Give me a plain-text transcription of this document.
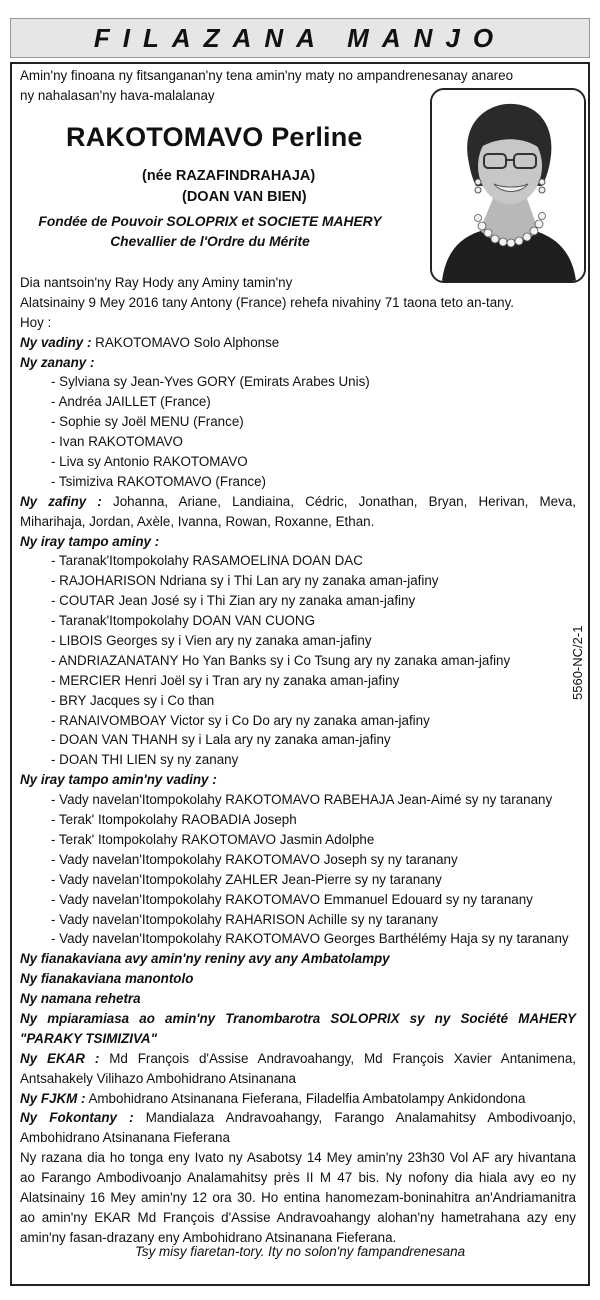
FILAZANA MANJO
Amin'ny finoana ny fitsanganan'ny tena amin'ny maty no ampandrenesanay anareo
ny nahalasan'ny hava-malalanay
RAKOTOMAVO Perline
(née RAZAFINDRAHAJA)
(DOAN VAN BIEN)
Fondée de Pouvoir SOLOPRIX et SOCIETE MAHERY
Chevallier de l'Ordre du Mérite
Dia nantsoin'ny Ray Hody any Aminy tamin'ny
Alatsinainy 9 Mey 2016 tany Antony (France) rehefa nivahiny 71 taona teto an-tany.
Hoy :
Ny vadiny : RAKOTOMAVO Solo Alphonse
Ny zanany :
- Sylviana sy Jean-Yves GORY (Emirats Arabes Unis)
- Andréa JAILLET (France)
- Sophie sy Joël MENU (France)
- Ivan RAKOTOMAVO
- Liva sy Antonio RAKOTOMAVO
- Tsimiziva RAKOTOMAVO (France)
Ny zafiny : Johanna, Ariane, Landiaina, Cédric, Jonathan, Bryan, Herivan, Meva,
Miharihaja, Jordan, Axèle, Ivanna, Rowan, Roxanne, Ethan.
Ny iray tampo aminy :
- Taranak'Itompokolahy RASAMOELINA DOAN DAC
- RAJOHARISON Ndriana sy i Thi Lan ary ny zanaka aman-jafiny
- COUTAR Jean José sy i Thi Zian ary ny zanaka aman-jafiny
- Taranak'Itompokolahy DOAN VAN CUONG
- LIBOIS Georges sy i Vien ary ny zanaka aman-jafiny
- ANDRIAZANATANY Ho Yan Banks sy i Co Tsung ary ny zanaka aman-jafiny
- MERCIER Henri Joël sy i Tran ary ny zanaka aman-jafiny
- BRY Jacques sy i Co than
- RANAIVOMBOAY Victor sy i Co Do ary ny zanaka aman-jafiny
- DOAN VAN THANH sy i Lala ary ny zanaka aman-jafiny
- DOAN THI LIEN sy ny zanany
Ny iray tampo amin'ny vadiny :
- Vady navelan'Itompokolahy RAKOTOMAVO RABEHAJA Jean-Aimé sy ny taranany
- Terak' Itompokolahy RAOBADIA Joseph
- Terak' Itompokolahy RAKOTOMAVO Jasmin Adolphe
- Vady navelan'Itompokolahy RAKOTOMAVO Joseph sy ny taranany
- Vady navelan'Itompokolahy ZAHLER Jean-Pierre sy ny taranany
- Vady navelan'Itompokolahy RAKOTOMAVO Emmanuel Edouard sy ny taranany
- Vady navelan'Itompokolahy RAHARISON Achille sy ny taranany
- Vady navelan'Itompokolahy RAKOTOMAVO Georges Barthélémy Haja sy ny taranany
Ny fianakaviana avy amin'ny reniny avy any Ambatolampy
Ny fianakaviana manontolo
Ny namana rehetra
Ny mpiaramiasa ao amin'ny Tranombarotra SOLOPRIX sy ny Société MAHERY
"PARAKY TSIMIZIVA"
Ny EKAR : Md François d'Assise Andravoahangy, Md François Xavier Antanimena,
Antsahakely Vilihazo Ambohidrano Atsinanana
Ny FJKM : Ambohidrano Atsinanana Fieferana, Filadelfia Ambatolampy Ankidondona
Ny Fokontany : Mandialaza Andravoahangy, Farango Analamahitsy Ambodivoanjo,
Ambohidrano Atsinanana Fieferana
Ny razana dia ho tonga eny Ivato ny Asabotsy 14 Mey amin'ny 23h30 Vol AF ary hivantana
ao Farango Ambodivoanjo Analamahitsy près II M 47 bis. Ny nofony dia hiala avy eo ny
Alatsinainy 16 Mey amin'ny 12 ora 30. Ho entina hanomezam-boninahitra an'Andriamanitra
ao amin'ny EKAR Md François d'Assise Andravoahangy alohan'ny hametrahana azy eny
amin'ny fasan-drazany eny Ambohidrano Atsinanana Fieferana.
5560-NC/2-1
Tsy misy fiaretan-tory. Ity no solon'ny fampandrenesana
